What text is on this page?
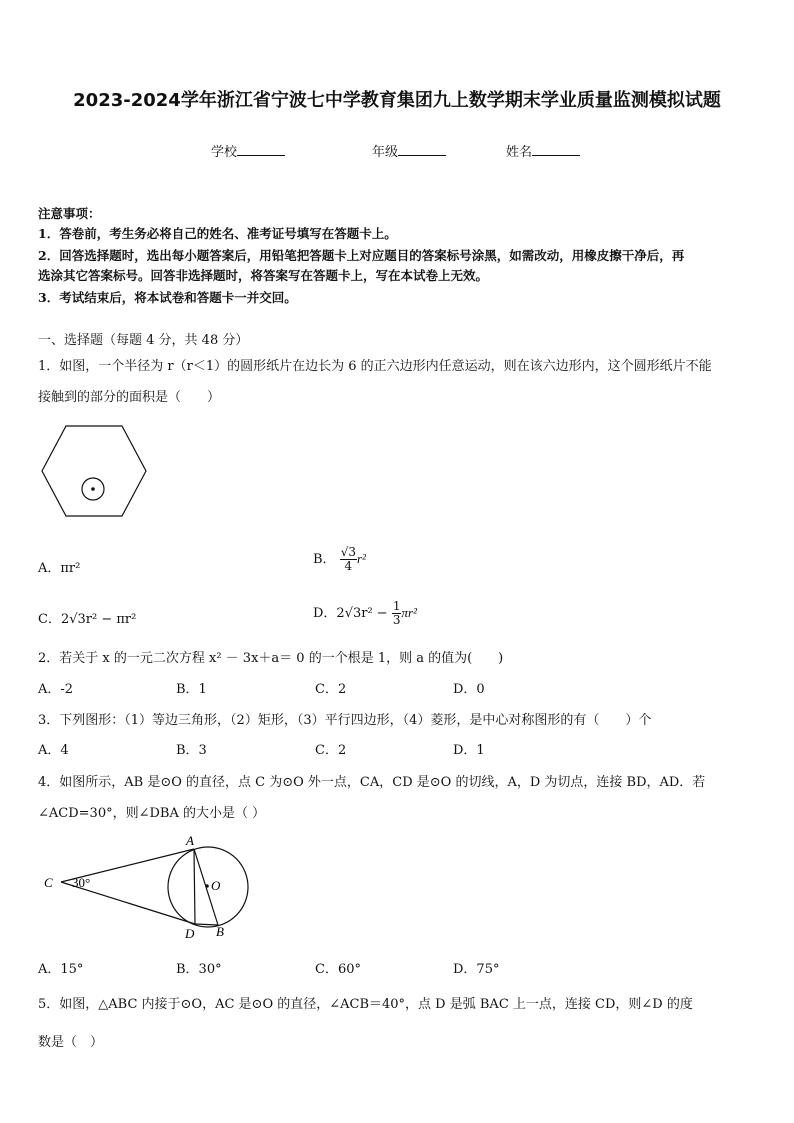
2023-2024学年浙江省宁波七中学教育集团九上数学期末学业质量监测模拟试题
学校	年级	姓名
注意事项：
1．答卷前，考生务必将自己的姓名、准考证号填写在答题卡上。
2．回答选择题时，选出每小题答案后，用铅笔把答题卡上对应题目的答案标号涂黑，如需改动，用橡皮擦干净后，再
选涂其它答案标号。回答非选择题时，将答案写在答题卡上，写在本试卷上无效。
3．考试结束后，将本试卷和答题卡一并交回。
一、选择题（每题 4 分，共 48 分）
1．如图，一个半径为 r（r＜1）的圆形纸片在边长为 6 的正六边形内任意运动，则在该六边形内，这个圆形纸片不能
接触到的部分的面积是（　　）
A．πr²
B． $\frac{√3}{4} r^2$
C．2√3r² − πr²	D．$2√3r^2 - \frac{1}{3} \pi r^2$
2．若关于 x 的一元二次方程 x² － 3x＋a＝ 0 的一个根是 1，则 a 的值为(　　)
A．-2	B．1	C．2	D．0
3．下列图形：（1）等边三角形，（2）矩形，（3）平行四边形，（4）菱形，是中心对称图形的有（　　）个
A．4	B．3	C．2	D．1
4．如图所示，AB 是⊙O 的直径，点 C 为⊙O 外一点，CA，CD 是⊙O 的切线，A，D 为切点，连接 BD，AD．若
∠ACD=30°，则∠DBA 的大小是（ ）
A
B
C
D
O
30°
A．15°	B．30°	C．60°	D．75°
5．如图，△ABC 内接于⊙O，AC 是⊙O 的直径，∠ACB＝40°，点 D 是弧 BAC 上一点，连接 CD，则∠D 的度
数是（　）
